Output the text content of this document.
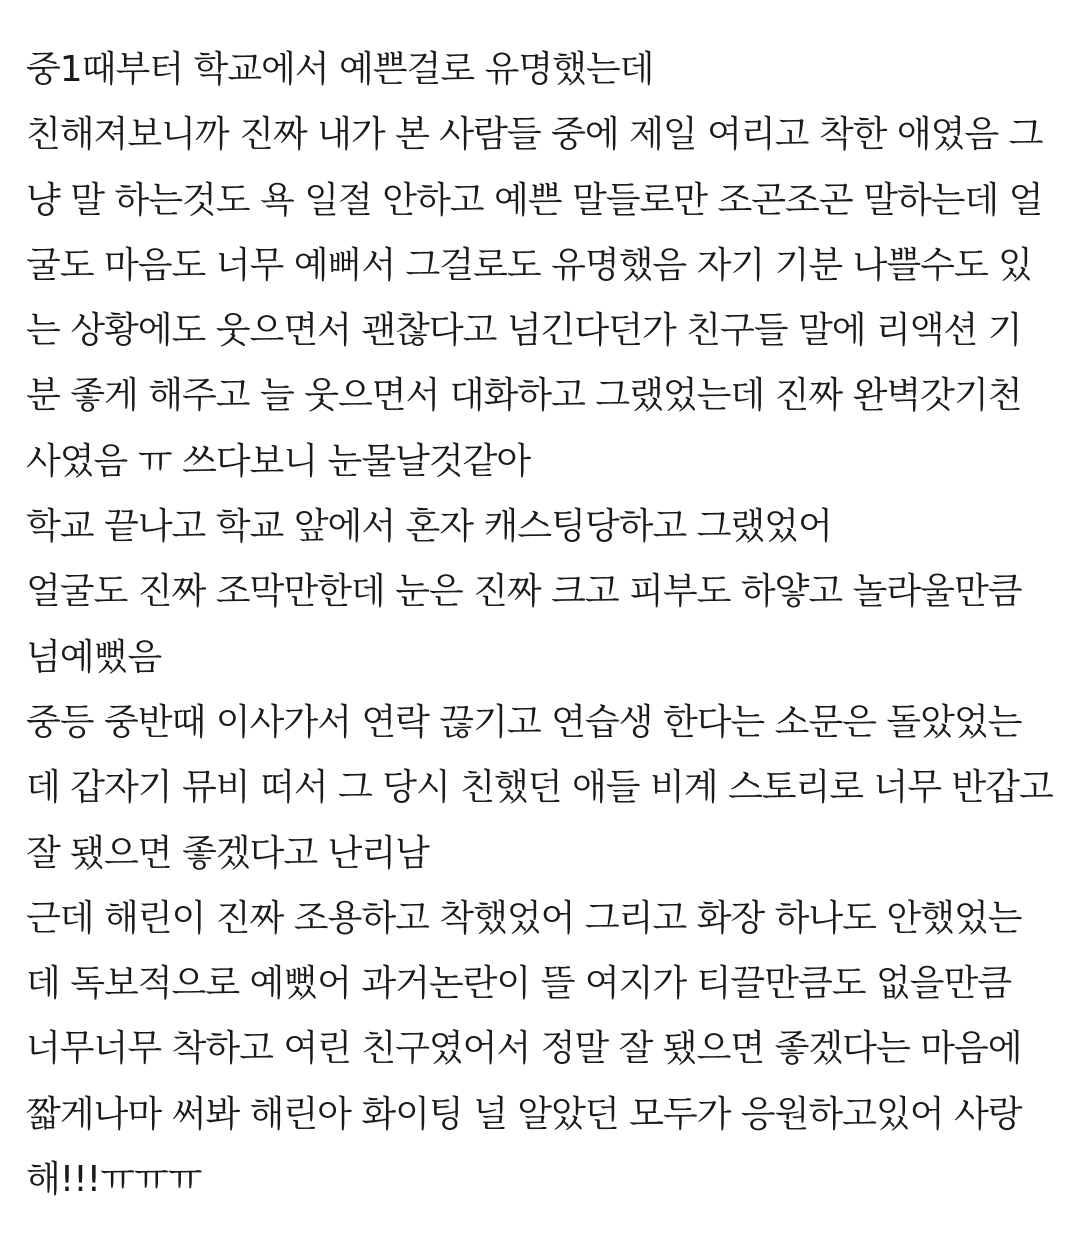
중1때부터 학교에서 예쁜걸로 유명했는데
친해져보니까 진짜 내가 본 사람들 중에 제일 여리고 착한 애였음 그
냥 말 하는것도 욕 일절 안하고 예쁜 말들로만 조곤조곤 말하는데 얼
굴도 마음도 너무 예뻐서 그걸로도 유명했음 자기 기분 나쁠수도 있
는 상황에도 웃으면서 괜찮다고 넘긴다던가 친구들 말에 리액션 기
분 좋게 해주고 늘 웃으면서 대화하고 그랬었는데 진짜 완벽갓기천
사였음 ㅠ 쓰다보니 눈물날것같아
학교 끝나고 학교 앞에서 혼자 캐스팅당하고 그랬었어
얼굴도 진짜 조막만한데 눈은 진짜 크고 피부도 하얗고 놀라울만큼
넘예뻤음
중등 중반때 이사가서 연락 끊기고 연습생 한다는 소문은 돌았었는
데 갑자기 뮤비 떠서 그 당시 친했던 애들 비계 스토리로 너무 반갑고
잘 됐으면 좋겠다고 난리남
근데 해린이 진짜 조용하고 착했었어 그리고 화장 하나도 안했었는
데 독보적으로 예뻤어 과거논란이 뜰 여지가 티끌만큼도 없을만큼
너무너무 착하고 여린 친구였어서 정말 잘 됐으면 좋겠다는 마음에
짧게나마 써봐 해린아 화이팅 널 알았던 모두가 응원하고있어 사랑
해!!!ㅠㅠㅠ
